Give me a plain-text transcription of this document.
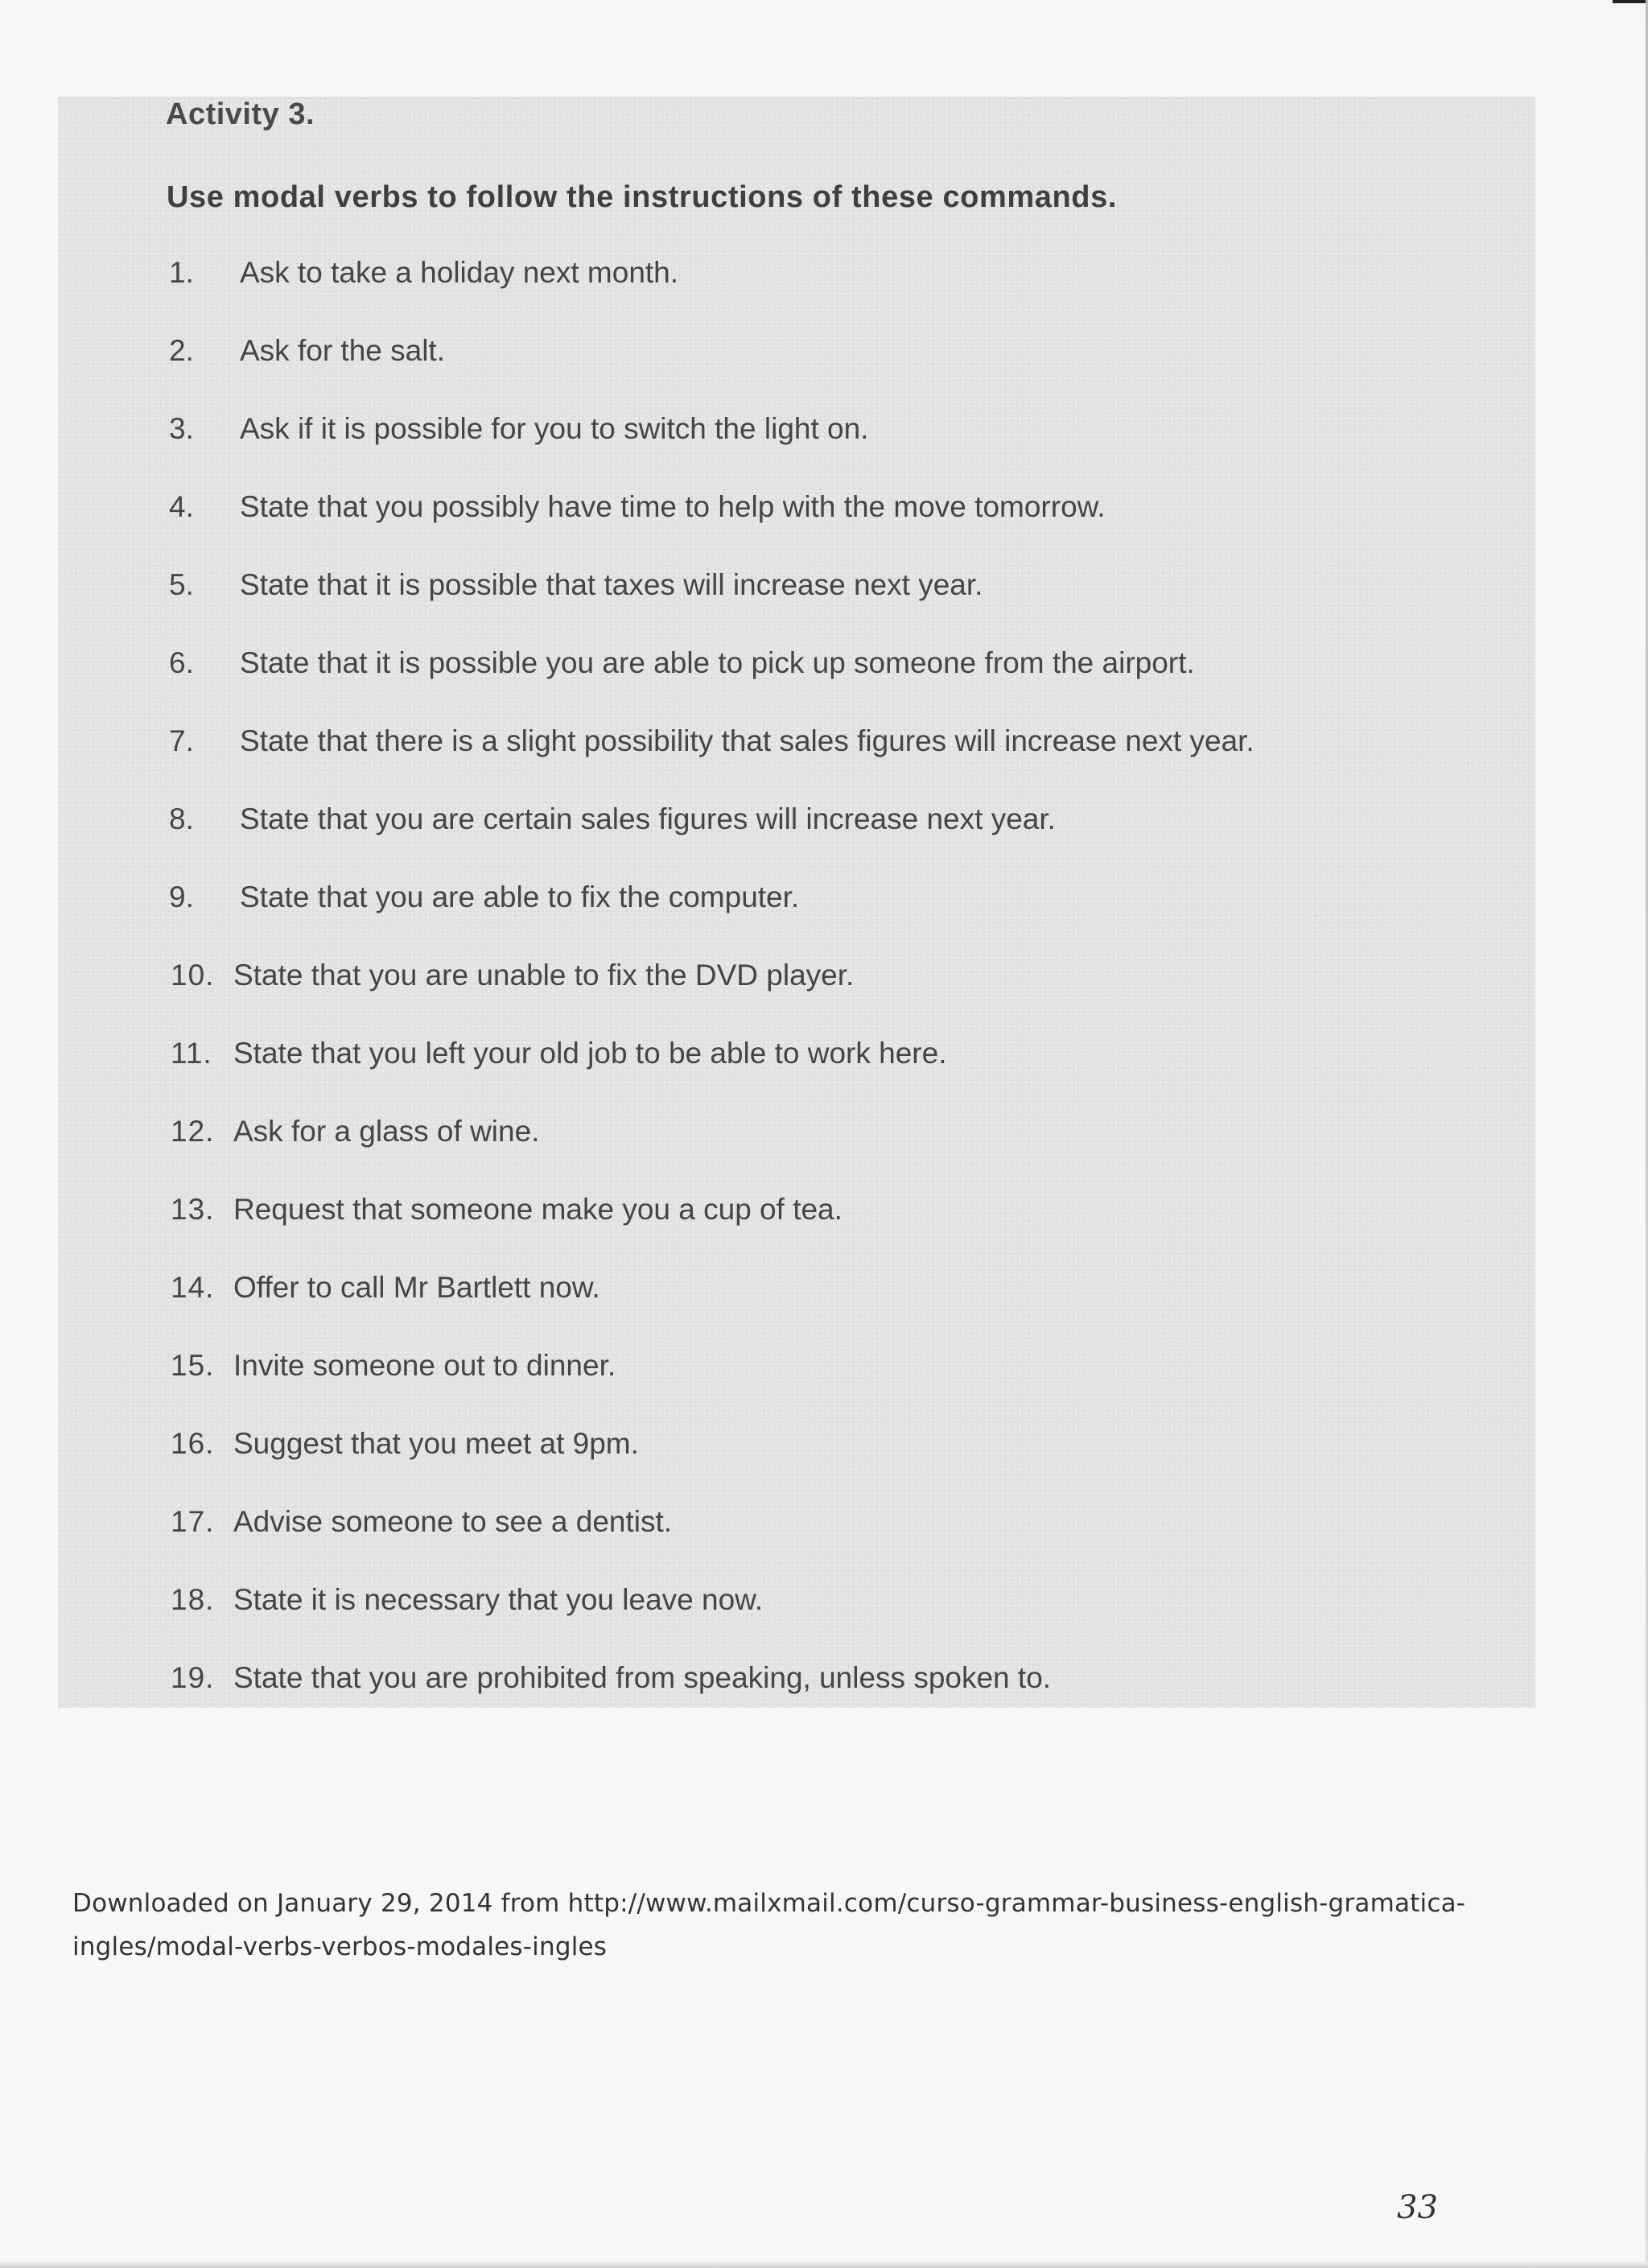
Activity 3.
Use modal verbs to follow the instructions of these commands.
1. Ask to take a holiday next month.
2. Ask for the salt.
3. Ask if it is possible for you to switch the light on.
4. State that you possibly have time to help with the move tomorrow.
5. State that it is possible that taxes will increase next year.
6. State that it is possible you are able to pick up someone from the airport.
7. State that there is a slight possibility that sales figures will increase next year.
8. State that you are certain sales figures will increase next year.
9. State that you are able to fix the computer.
10. State that you are unable to fix the DVD player.
11. State that you left your old job to be able to work here.
12. Ask for a glass of wine.
13. Request that someone make you a cup of tea.
14. Offer to call Mr Bartlett now.
15. Invite someone out to dinner.
16. Suggest that you meet at 9pm.
17. Advise someone to see a dentist.
18. State it is necessary that you leave now.
19. State that you are prohibited from speaking, unless spoken to.
Downloaded on January 29, 2014 from http://www.mailxmail.com/curso-grammar-business-english-gramatica-
ingles/modal-verbs-verbos-modales-ingles
33
